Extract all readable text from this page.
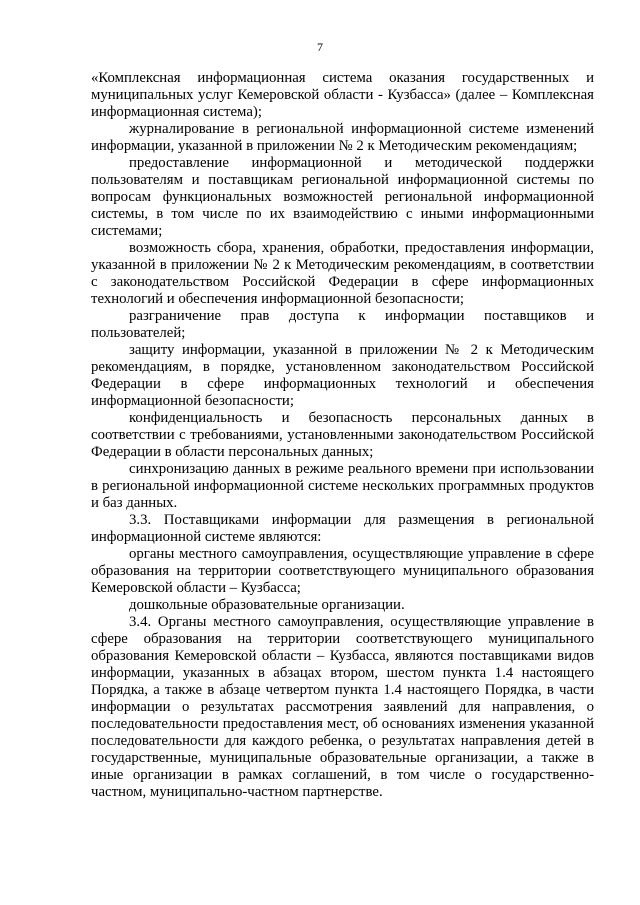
7

«Комплексная информационная система оказания государственных и муниципальных услуг Кемеровской области - Кузбасса» (далее – Комплексная информационная система);

журналирование в региональной информационной системе изменений информации, указанной в приложении № 2 к Методическим рекомендациям;

предоставление информационной и методической поддержки пользователям и поставщикам региональной информационной системы по вопросам функциональных возможностей региональной информационной системы, в том числе по их взаимодействию с иными информационными системами;

возможность сбора, хранения, обработки, предоставления информации, указанной в приложении № 2 к Методическим рекомендациям, в соответствии с законодательством Российской Федерации в сфере информационных технологий и обеспечения информационной безопасности;

разграничение прав доступа к информации поставщиков и пользователей;

защиту информации, указанной в приложении № 2 к Методическим рекомендациям, в порядке, установленном законодательством Российской Федерации в сфере информационных технологий и обеспечения информационной безопасности;

конфиденциальность и безопасность персональных данных в соответствии с требованиями, установленными законодательством Российской Федерации в области персональных данных;

синхронизацию данных в режиме реального времени при использовании в региональной информационной системе нескольких программных продуктов и баз данных.

3.3. Поставщиками информации для размещения в региональной информационной системе являются:

органы местного самоуправления, осуществляющие управление в сфере образования на территории соответствующего муниципального образования Кемеровской области – Кузбасса;

дошкольные образовательные организации.

3.4. Органы местного самоуправления, осуществляющие управление в сфере образования на территории соответствующего муниципального образования Кемеровской области – Кузбасса, являются поставщиками видов информации, указанных в абзацах втором, шестом пункта 1.4 настоящего Порядка, а также в абзаце четвертом пункта 1.4 настоящего Порядка, в части информации о результатах рассмотрения заявлений для направления, о последовательности предоставления мест, об основаниях изменения указанной последовательности для каждого ребенка, о результатах направления детей в государственные, муниципальные образовательные организации, а также в иные организации в рамках соглашений, в том числе о государственно-частном, муниципально-частном партнерстве.
